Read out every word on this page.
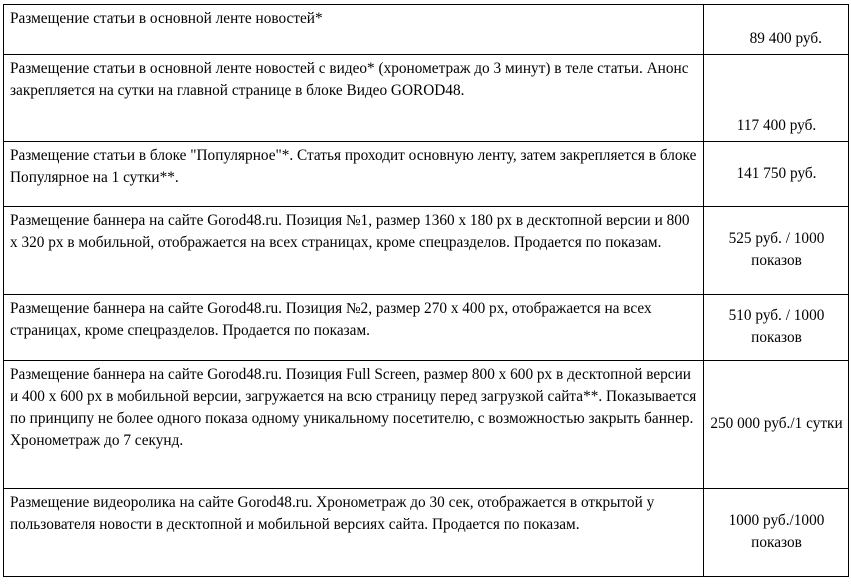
Размещение статьи в основной ленте новостей*	89 400 руб.
Размещение статьи в основной ленте новостей с видео* (хронометраж до 3 минут) в теле статьи. Анонс закрепляется на сутки на главной странице в блоке Видео GOROD48.	117 400 руб.
Размещение статьи в блоке "Популярное"*. Статья проходит основную ленту, затем закрепляется в блоке Популярное на 1 сутки**.	141 750 руб.
Размещение баннера на сайте Gorod48.ru. Позиция №1, размер 1360 х 180 px в десктопной версии и 800 х 320 px в мобильной, отображается на всех страницах, кроме спецразделов. Продается по показам.	525 руб. / 1000 показов
Размещение баннера на сайте Gorod48.ru. Позиция №2, размер 270 х 400 px, отображается на всех страницах, кроме спецразделов. Продается по показам.	510 руб. / 1000 показов
Размещение баннера на сайте Gorod48.ru. Позиция Full Screen, размер 800 х 600 px в десктопной версии и 400 х 600 px в мобильной версии, загружается на всю страницу перед загрузкой сайта**. Показывается по принципу не более одного показа одному уникальному посетителю, с возможностью закрыть баннер. Хронометраж до 7 секунд.	250 000 руб./1 сутки
Размещение видеоролика на сайте Gorod48.ru. Хронометраж до 30 сек, отображается в открытой у пользователя новости в десктопной и мобильной версиях сайта. Продается по показам.	1000 руб./1000 показов
